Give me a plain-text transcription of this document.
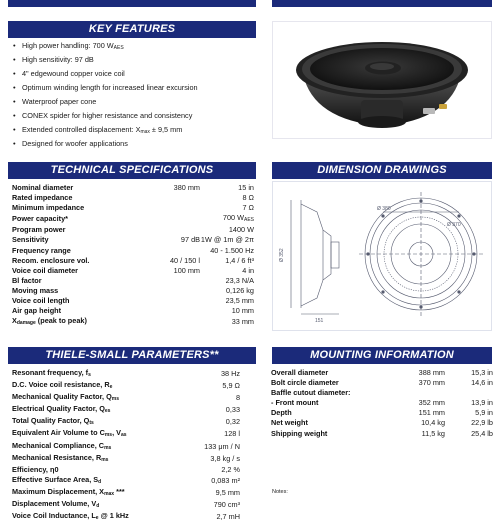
KEY FEATURES
• High power handling: 700 $W_{AES}$
• High sensitivity: 97 dB
• 4" edgewound copper voice coil
• Optimum winding length for increased linear excursion
• Waterproof paper cone
• CONEX spider for higher resistance and consistency
• Extended controlled displacement: $X_{max} \pm 9,5$ mm
• Designed for woofer applications
TECHNICAL SPECIFICATIONS
Nominal diameter	380 mm	15 in
Rated impedance		8 Ω
Minimum impedance		7 Ω
Power capacity*		700 $W_{AES}$
Program power		1400 W
Sensitivity	97 dB	1W @ 1m @ 2π
Frequency range		40 - 1.500 Hz
Recom. enclosure vol.	40 / 150 l	1,4 / 6 ft³
Voice coil diameter	100 mm	4 in
Bl factor		23,3 N/A
Moving mass		0,126 kg
Voice coil length		23,5 mm
Air gap height		10 mm
$X_{damage}$ (peak to peak)		33 mm
DIMENSION DRAWINGS
Ø 380
Ø 370
Ø 352
151
THIELE-SMALL PARAMETERS**
Resonant frequency, $f_s$	38 Hz
D.C. Voice coil resistance, $R_e$	5,9 Ω
Mechanical Quality Factor, $Q_{ms}$	8
Electrical Quality Factor, $Q_{es}$	0,33
Total Quality Factor, $Q_{ts}$	0,32
Equivalent Air Volume to $C_{ms}$, $V_{as}$	128 l
Mechanical Compliance, $C_{ms}$	133 μm / N
Mechanical Resistance, $R_{ms}$	3,8 kg / s
Efficiency, η0	2,2 %
Effective Surface Area, $S_d$	0,083 m²
Maximum Displacement, $X_{max}$ ***	9,5 mm
Displacement Volume, $V_d$	790 cm³
Voice Coil Inductance, $L_e$ @ 1 kHz	2,7 mH
MOUNTING INFORMATION
Overall diameter	388 mm	15,3 in
Bolt circle diameter	370 mm	14,6 in
Baffle cutout diameter:		
- Front mount	352 mm	13,9 in
Depth	151 mm	5,9 in
Net weight	10,4 kg	22,9 lb
Shipping weight	11,5 kg	25,4 lb
Notes:
